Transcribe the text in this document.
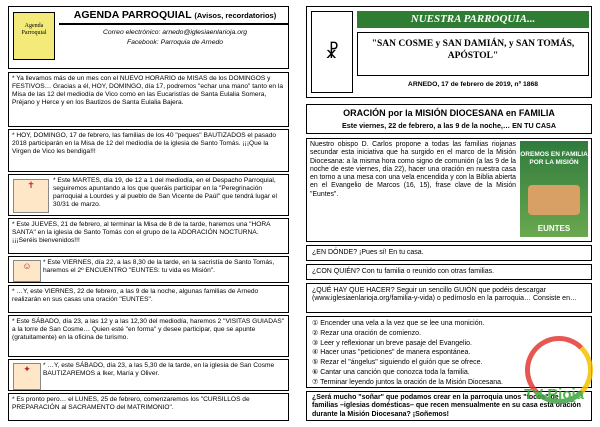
Agenda Parroquial
AGENDA PARROQUIAL (Avisos, recordatorios)
Correo electrónico: arnedo@iglesiaenlarioja.org
Facebook: Parroquia de Arnedo

* Ya llevamos más de un mes con el NUEVO HORARIO de MISAS de los DOMINGOS y FESTIVOS… Gracias a él, HOY, DOMINGO, día 17, podremos "echar una mano" tanto en la Misa de las 12 del mediodía de Vico como en las Eucaristías de Santa Eulalia Somera, Préjano y Herce y en los Bautizos de Santa Eulalia Bajera.

* HOY, DOMINGO, 17 de febrero, las familias de los 40 "peques" BAUTIZADOS el pasado 2018 participarán en la Misa de 12 del mediodía de la iglesia de Santo Tomás. ¡¡¡Que la Virgen de Vico les bendiga!!!

✝	* Este MARTES, día 19, de 12 a 1 del mediodía, en el Despacho Parroquial, seguiremos apuntando a los que queráis participar en la "Peregrinación parroquial a Lourdes y al pueblo de San Vicente de Paúl" que tendrá lugar el 30/31 de marzo.

* Este JUEVES, 21 de febrero, al terminar la Misa de 8 de la tarde, haremos una "HORA SANTA" en la iglesia de Santo Tomás con el grupo de la ADORACIÓN NOCTURNA. ¡¡¡Seréis bienvenidos!!!

☺	* Este VIERNES, día 22, a las 8,30 de la tarde, en la sacristía de Santo Tomás, haremos el 2º ENCUENTRO "EUNTES: tu vida es Misión".

* …Y, este VIERNES, 22 de febrero, a las 9 de la noche, algunas familias de Arnedo realizarán en sus casas una oración "EUNTES".

* Este SÁBADO, día 23, a las 12 y a las 12,30 del mediodía, haremos 2 "VISITAS GUIADAS" a la torre de San Cosme… Quien esté "en forma" y desee participar, que se apunte (gratuitamente) en la oficina de turismo.

✦	* …Y, este SÁBADO, día 23, a las 5,30 de la tarde, en la iglesia de San Cosme BAUTIZAREMOS a Iker, María y Oliver.

* Es pronto pero… el LUNES, 25 de febrero, comenzaremos los "CURSILLOS de PREPARACIÓN al SACRAMENTO del MATRIMONIO".

☧
NUESTRA PARROQUIA...
"SAN COSME y SAN DAMIÁN, y SAN TOMÁS, APÓSTOL"
ARNEDO, 17 de febrero de 2019, nº 1868
ORACIÓN por la MISIÓN DIOCESANA en FAMILIA
Este viernes, 22 de febrero, a las 9 de la noche,… EN TU CASA
OREMOS EN FAMILIA POR LA MISIÓN
EUNTES

Nuestro obispo D. Carlos propone a todas las familias riojanas secundar esta iniciativa que ha surgido en el marco de la Misión Diocesana: a la misma hora como signo de comunión (a las 9 de la noche de este viernes, día 22), hacer una oración en nuestra casa en torno a una mesa con una vela encendida y con la Biblia abierta en el Evangelio de Marcos (16, 15), frase clave de la Misión "Euntes".

¿EN DÓNDE? ¡Pues sí! En tu casa.

¿CON QUIÉN? Con tu familia o reunido con otras familias.

¿QUÉ HAY QUE HACER? Seguir un sencillo GUIÓN que podéis descargar (www.iglesiaenlarioja.org/familia-y-vida) o pedírnoslo en la parroquia… Consiste en…

① Encender una vela a la vez que se lee una monición.
② Rezar una oración de comienzo.
③ Leer y reflexionar un breve pasaje del Evangelio.
④ Hacer unas "peticiones" de manera espontánea.
⑤ Rezar el "ángelus" siguiendo el guión que se ofrece.
⑥ Cantar una canción que conozca toda la familia.
⑦ Terminar leyendo juntos la oración de la Misión Diocesana.

¿Será mucho "soñar" que podamos crear en la parroquia unos "focos" de familias –iglesias domésticas– que recen mensualmente en su casa esta oración durante la Misión Diocesana? ¡Soñemos!

TV Rioja
